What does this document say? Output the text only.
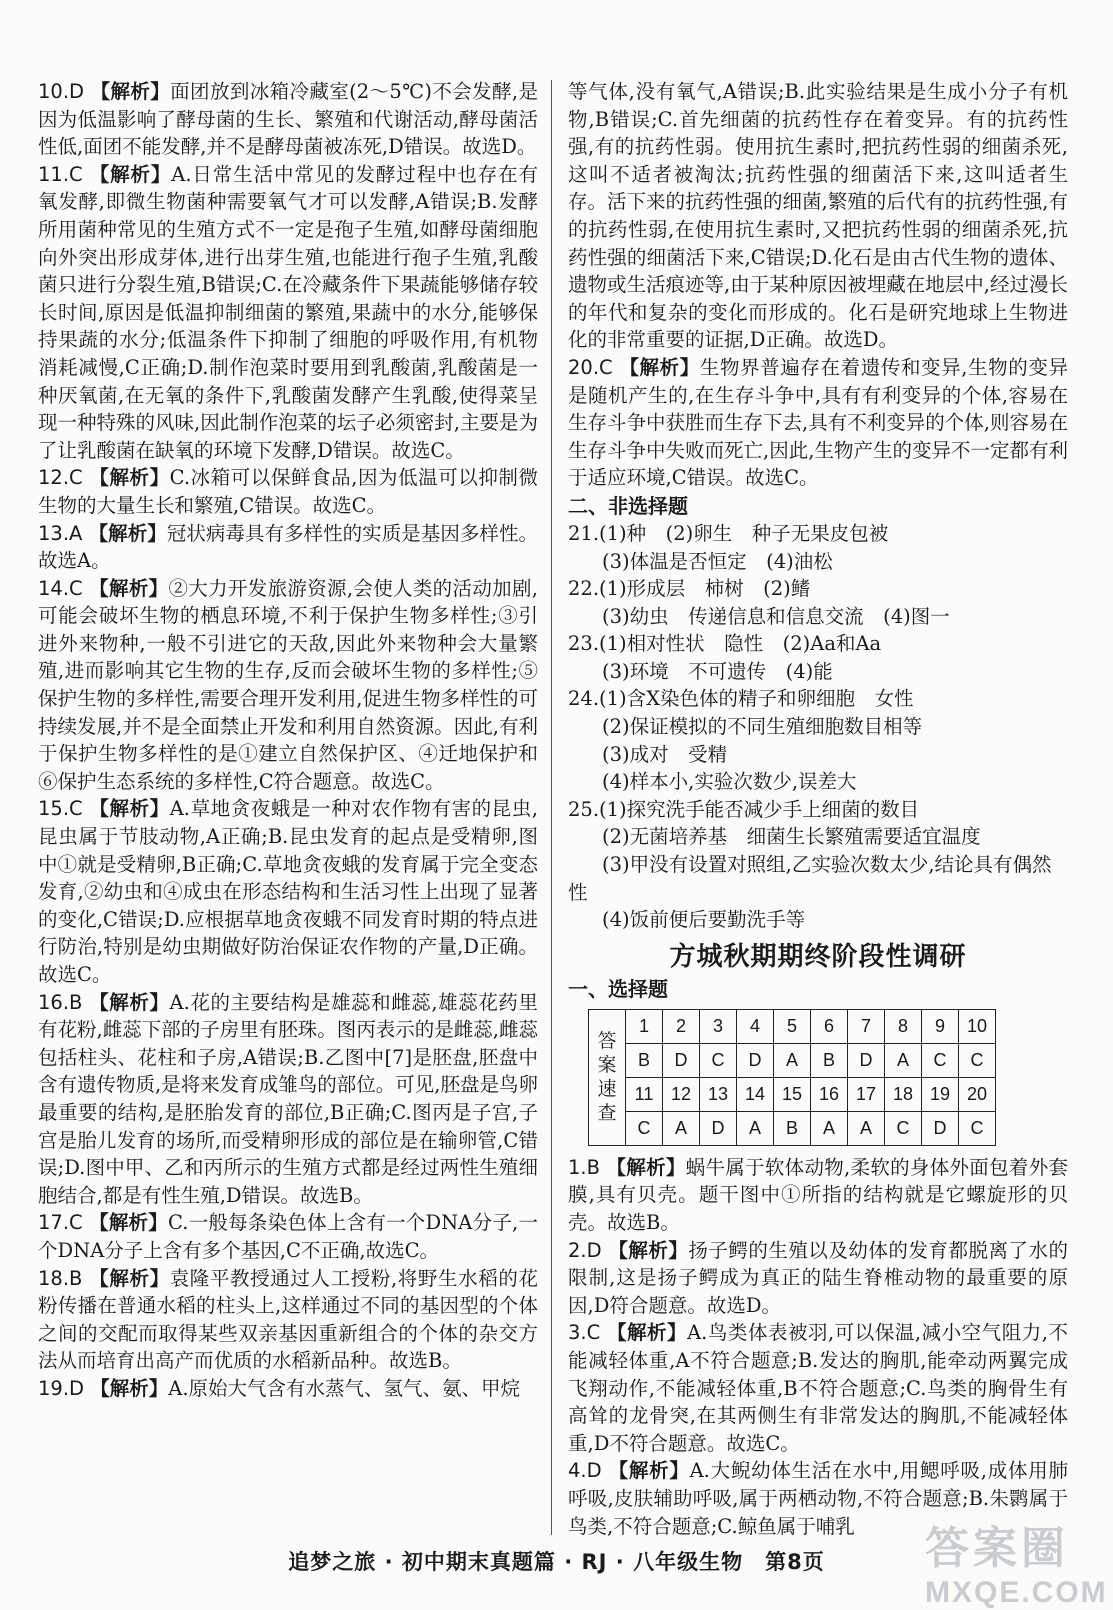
10.D 【解析】面团放到冰箱冷藏室(2～5℃)不会发酵,是因为低温影响了酵母菌的生长、繁殖和代谢活动,酵母菌活性低,面团不能发酵,并不是酵母菌被冻死,D错误。故选D。

11.C 【解析】A.日常生活中常见的发酵过程中也存在有氧发酵,即微生物菌种需要氧气才可以发酵,A错误;B.发酵所用菌种常见的生殖方式不一定是孢子生殖,如酵母菌细胞向外突出形成芽体,进行出芽生殖,也能进行孢子生殖,乳酸菌只进行分裂生殖,B错误;C.在冷藏条件下果蔬能够储存较长时间,原因是低温抑制细菌的繁殖,果蔬中的水分,能够保持果蔬的水分;低温条件下抑制了细胞的呼吸作用,有机物消耗减慢,C正确;D.制作泡菜时要用到乳酸菌,乳酸菌是一种厌氧菌,在无氧的条件下,乳酸菌发酵产生乳酸,使得菜呈现一种特殊的风味,因此制作泡菜的坛子必须密封,主要是为了让乳酸菌在缺氧的环境下发酵,D错误。故选C。

12.C 【解析】C.冰箱可以保鲜食品,因为低温可以抑制微生物的大量生长和繁殖,C错误。故选C。

13.A 【解析】冠状病毒具有多样性的实质是基因多样性。故选A。

14.C 【解析】②大力开发旅游资源,会使人类的活动加剧,可能会破坏生物的栖息环境,不利于保护生物多样性;③引进外来物种,一般不引进它的天敌,因此外来物种会大量繁殖,进而影响其它生物的生存,反而会破坏生物的多样性;⑤保护生物的多样性,需要合理开发利用,促进生物多样性的可持续发展,并不是全面禁止开发和利用自然资源。因此,有利于保护生物多样性的是①建立自然保护区、④迁地保护和⑥保护生态系统的多样性,C符合题意。故选C。

15.C 【解析】A.草地贪夜蛾是一种对农作物有害的昆虫,昆虫属于节肢动物,A正确;B.昆虫发育的起点是受精卵,图中①就是受精卵,B正确;C.草地贪夜蛾的发育属于完全变态发育,②幼虫和④成虫在形态结构和生活习性上出现了显著的变化,C错误;D.应根据草地贪夜蛾不同发育时期的特点进行防治,特别是幼虫期做好防治保证农作物的产量,D正确。故选C。

16.B 【解析】A.花的主要结构是雄蕊和雌蕊,雄蕊花药里有花粉,雌蕊下部的子房里有胚珠。图丙表示的是雌蕊,雌蕊包括柱头、花柱和子房,A错误;B.乙图中[7]是胚盘,胚盘中含有遗传物质,是将来发育成雏鸟的部位。可见,胚盘是鸟卵最重要的结构,是胚胎发育的部位,B正确;C.图丙是子宫,子宫是胎儿发育的场所,而受精卵形成的部位是在输卵管,C错误;D.图中甲、乙和丙所示的生殖方式都是经过两性生殖细胞结合,都是有性生殖,D错误。故选B。

17.C 【解析】C.一般每条染色体上含有一个DNA分子,一个DNA分子上含有多个基因,C不正确,故选C。

18.B 【解析】袁隆平教授通过人工授粉,将野生水稻的花粉传播在普通水稻的柱头上,这样通过不同的基因型的个体之间的交配而取得某些双亲基因重新组合的个体的杂交方法从而培育出高产而优质的水稻新品种。故选B。

19.D 【解析】A.原始大气含有水蒸气、氢气、氨、甲烷

等气体,没有氧气,A错误;B.此实验结果是生成小分子有机物,B错误;C.首先细菌的抗药性存在着变异。有的抗药性强,有的抗药性弱。使用抗生素时,把抗药性弱的细菌杀死,这叫不适者被淘汰;抗药性强的细菌活下来,这叫适者生存。活下来的抗药性强的细菌,繁殖的后代有的抗药性强,有的抗药性弱,在使用抗生素时,又把抗药性弱的细菌杀死,抗药性强的细菌活下来,C错误;D.化石是由古代生物的遗体、遗物或生活痕迹等,由于某种原因被埋藏在地层中,经过漫长的年代和复杂的变化而形成的。化石是研究地球上生物进化的非常重要的证据,D正确。故选D。

20.C 【解析】生物界普遍存在着遗传和变异,生物的变异是随机产生的,在生存斗争中,具有有利变异的个体,容易在生存斗争中获胜而生存下去,具有不利变异的个体,则容易在生存斗争中失败而死亡,因此,生物产生的变异不一定都有利于适应环境,C错误。故选C。

二、非选择题

21.(1)种　(2)卵生　种子无果皮包被

(3)体温是否恒定　(4)油松

22.(1)形成层　柿树　(2)鳍

(3)幼虫　传递信息和信息交流　(4)图一

23.(1)相对性状　隐性　(2)Aa和Aa

(3)环境　不可遗传　(4)能

24.(1)含X染色体的精子和卵细胞　女性

(2)保证模拟的不同生殖细胞数目相等

(3)成对　受精

(4)样本小,实验次数少,误差大

25.(1)探究洗手能否减少手上细菌的数目

(2)无菌培养基　细菌生长繁殖需要适宜温度

(3)甲没有设置对照组,乙实验次数太少,结论具有偶然性

(4)饭前便后要勤洗手等

方城秋期期终阶段性调研

一、选择题

答案速查	1	2	3	4	5	6	7	8	9	10
	B	D	C	D	A	B	D	A	C	C
	11	12	13	14	15	16	17	18	19	20
	C	A	D	A	B	A	A	C	D	C

1.B 【解析】蜗牛属于软体动物,柔软的身体外面包着外套膜,具有贝壳。题干图中①所指的结构就是它螺旋形的贝壳。故选B。

2.D 【解析】扬子鳄的生殖以及幼体的发育都脱离了水的限制,这是扬子鳄成为真正的陆生脊椎动物的最重要的原因,D符合题意。故选D。

3.C 【解析】A.鸟类体表被羽,可以保温,减小空气阻力,不能减轻体重,A不符合题意;B.发达的胸肌,能牵动两翼完成飞翔动作,不能减轻体重,B不符合题意;C.鸟类的胸骨生有高耸的龙骨突,在其两侧生有非常发达的胸肌,不能减轻体重,D不符合题意。故选C。

4.D 【解析】A.大鲵幼体生活在水中,用鳃呼吸,成体用肺呼吸,皮肤辅助呼吸,属于两栖动物,不符合题意;B.朱鹮属于鸟类,不符合题意;C.鲸鱼属于哺乳

追梦之旅 · 初中期末真题篇 · RJ · 八年级生物　第8页	答案圈
MXQE.COM
